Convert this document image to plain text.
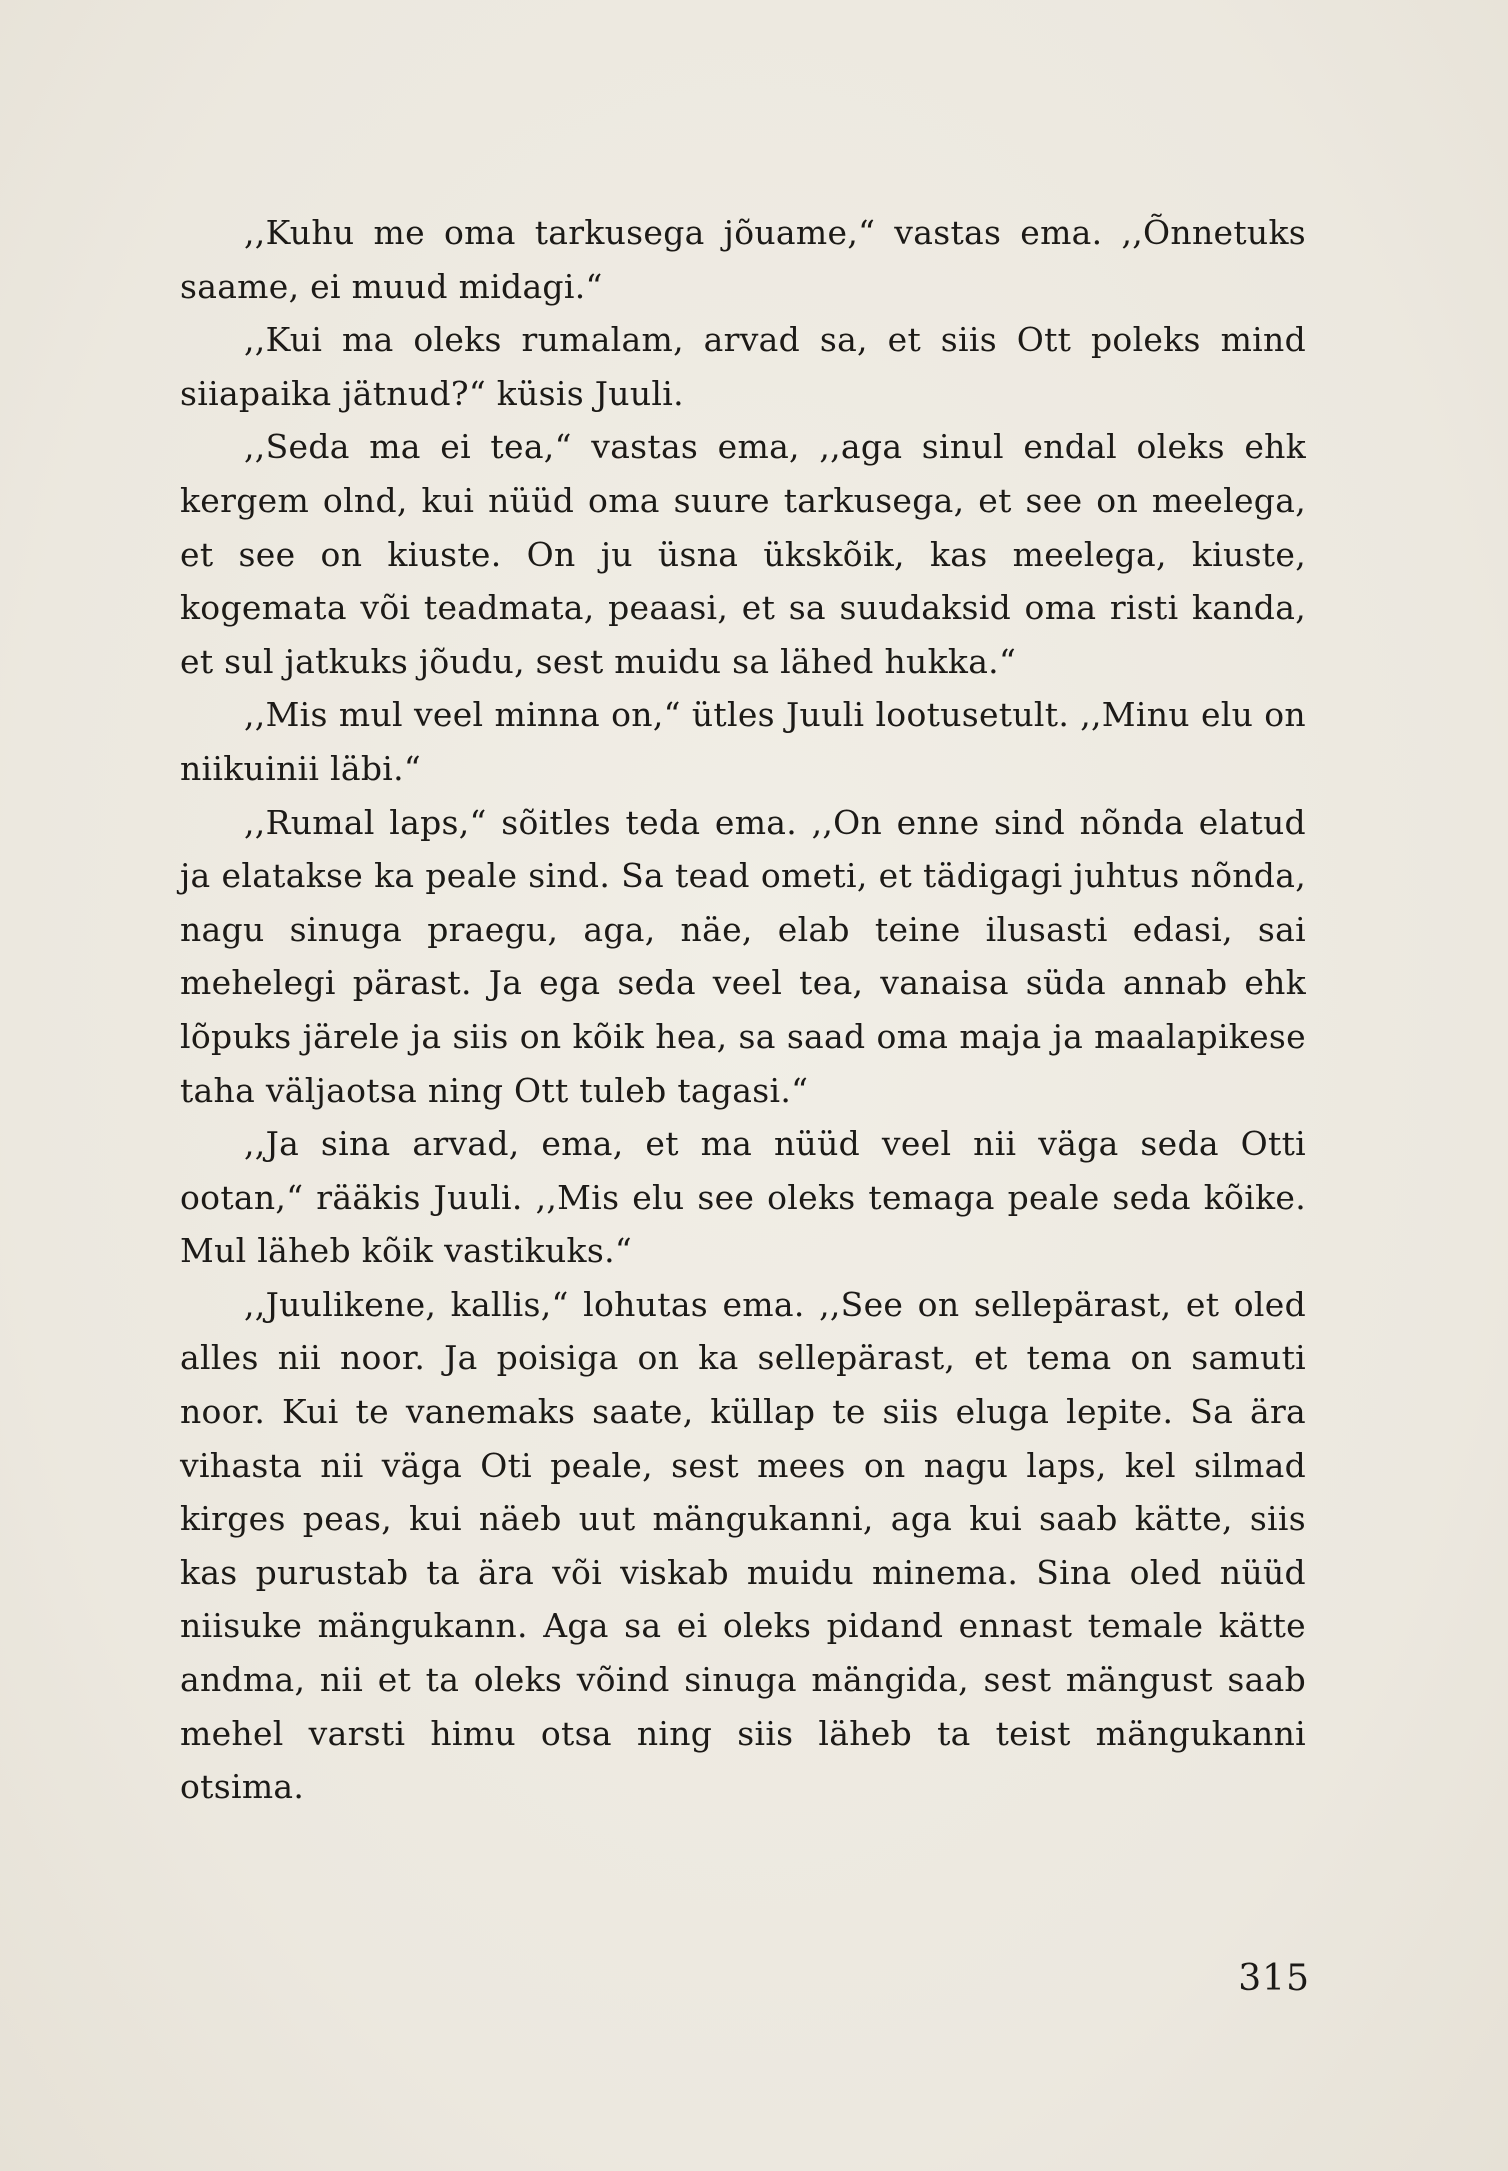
,,Kuhu me oma tarkusega jõuame,“ vastas ema. ,,Õnnetuks saame, ei muud midagi.“

,,Kui ma oleks rumalam, arvad sa, et siis Ott poleks mind siiapaika jätnud?“ küsis Juuli.

,,Seda ma ei tea,“ vastas ema, ,,aga sinul endal oleks ehk kergem olnd, kui nüüd oma suure tarkusega, et see on meelega, et see on kiuste. On ju üsna ükskõik, kas meelega, kiuste, kogemata või teadmata, peaasi, et sa suudaksid oma risti kanda, et sul jatkuks jõudu, sest muidu sa lähed hukka.“

,,Mis mul veel minna on,“ ütles Juuli lootusetult. ,,Minu elu on niikuinii läbi.“

,,Rumal laps,“ sõitles teda ema. ,,On enne sind nõnda elatud ja elatakse ka peale sind. Sa tead ometi, et tädigagi juhtus nõnda, nagu sinuga praegu, aga, näe, elab teine ilusasti edasi, sai mehelegi pärast. Ja ega seda veel tea, vanaisa süda annab ehk lõpuks järele ja siis on kõik hea, sa saad oma maja ja maalapikese taha väljaotsa ning Ott tuleb tagasi.“

,,Ja sina arvad, ema, et ma nüüd veel nii väga seda Otti ootan,“ rääkis Juuli. ,,Mis elu see oleks temaga peale seda kõike. Mul läheb kõik vastikuks.“

,,Juulikene, kallis,“ lohutas ema. ,,See on sellepärast, et oled alles nii noor. Ja poisiga on ka sellepärast, et tema on samuti noor. Kui te vanemaks saate, küllap te siis eluga lepite. Sa ära vihasta nii väga Oti peale, sest mees on nagu laps, kel silmad kirges peas, kui näeb uut mängukanni, aga kui saab kätte, siis kas purustab ta ära või viskab muidu minema. Sina oled nüüd niisuke mängukann. Aga sa ei oleks pidand ennast temale kätte andma, nii et ta oleks võind sinuga mängida, sest mängust saab mehel varsti himu otsa ning siis läheb ta teist mängukanni otsima.

315
